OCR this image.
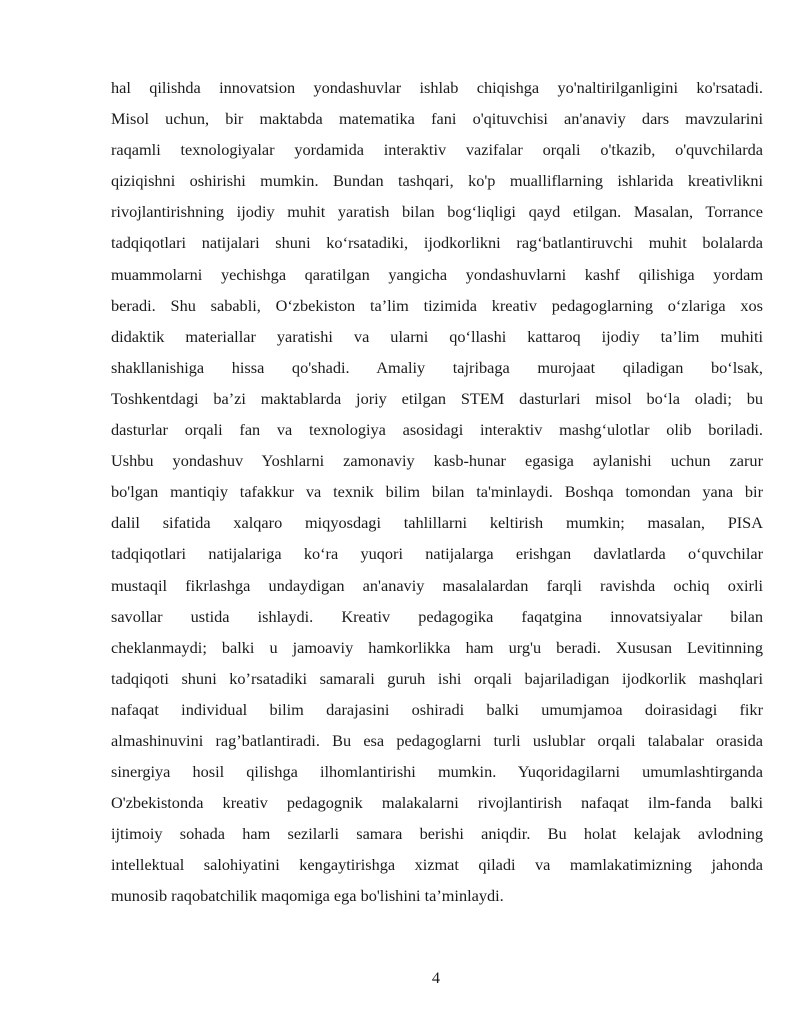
hal qilishda innovatsion yondashuvlar ishlab chiqishga yo'naltirilganligini ko'rsatadi.
Misol uchun, bir maktabda matematika fani o'qituvchisi an'anaviy dars mavzularini
raqamli texnologiyalar yordamida interaktiv vazifalar orqali o'tkazib, o'quvchilarda
qiziqishni oshirishi mumkin. Bundan tashqari, ko'p mualliflarning ishlarida kreativlikni
rivojlantirishning ijodiy muhit yaratish bilan bog‘liqligi qayd etilgan. Masalan, Torrance
tadqiqotlari natijalari shuni ko‘rsatadiki, ijodkorlikni rag‘batlantiruvchi muhit bolalarda
muammolarni yechishga qaratilgan yangicha yondashuvlarni kashf qilishiga yordam
beradi. Shu sababli, O‘zbekiston ta’lim tizimida kreativ pedagoglarning o‘zlariga xos
didaktik materiallar yaratishi va ularni qo‘llashi kattaroq ijodiy ta’lim muhiti
shakllanishiga hissa qo'shadi. Amaliy tajribaga murojaat qiladigan bo‘lsak,
Toshkentdagi ba’zi maktablarda joriy etilgan STEM dasturlari misol bo‘la oladi; bu
dasturlar orqali fan va texnologiya asosidagi interaktiv mashg‘ulotlar olib boriladi.
Ushbu yondashuv Yoshlarni zamonaviy kasb-hunar egasiga aylanishi uchun zarur
bo'lgan mantiqiy tafakkur va texnik bilim bilan ta'minlaydi. Boshqa tomondan yana bir
dalil sifatida xalqaro miqyosdagi tahlillarni keltirish mumkin; masalan, PISA
tadqiqotlari natijalariga ko‘ra yuqori natijalarga erishgan davlatlarda o‘quvchilar
mustaqil fikrlashga undaydigan an'anaviy masalalardan farqli ravishda ochiq oxirli
savollar ustida ishlaydi. Kreativ pedagogika faqatgina innovatsiyalar bilan
cheklanmaydi; balki u jamoaviy hamkorlikka ham urg'u beradi. Xususan Levitinning
tadqiqoti shuni ko’rsatadiki samarali guruh ishi orqali bajariladigan ijodkorlik mashqlari
nafaqat individual bilim darajasini oshiradi balki umumjamoa doirasidagi fikr
almashinuvini rag’batlantiradi. Bu esa pedagoglarni turli uslublar orqali talabalar orasida
sinergiya hosil qilishga ilhomlantirishi mumkin. Yuqoridagilarni umumlashtirganda
O'zbekistonda kreativ pedagognik malakalarni rivojlantirish nafaqat ilm-fanda balki
ijtimoiy sohada ham sezilarli samara berishi aniqdir. Bu holat kelajak avlodning
intellektual salohiyatini kengaytirishga xizmat qiladi va mamlakatimizning jahonda
munosib raqobatchilik maqomiga ega bo'lishini ta’minlaydi.
4
